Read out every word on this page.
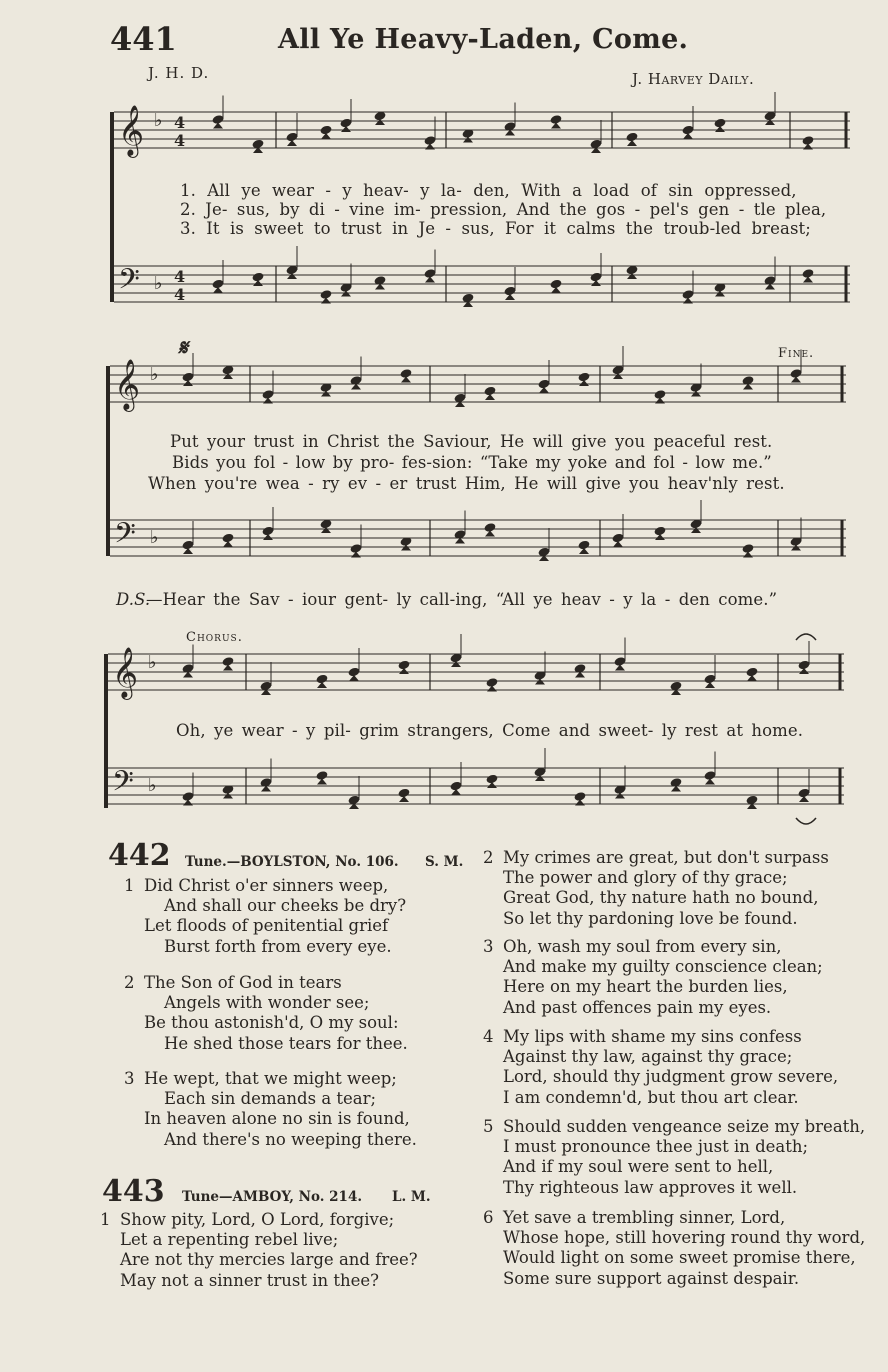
441	All Ye Heavy-Laden, Come.
J. H. D.	J. Harvey Daily.
𝄞 ♭ 4
4
𝄢 ♭ 4
4
𝄞 ♭
𝄢 ♭
𝄞 ♭
𝄢 ♭
1. All ye wear - y heav- y la- den, With a load of sin oppressed,
2. Je- sus, by di - vine im- pression, And the gos - pel's gen - tle plea,
3. It is sweet to trust in Je - sus, For it calms the troub-led breast;
𝄋	Fine.
Put your trust in Christ the Saviour, He will give you peaceful rest.
Bids you fol - low by pro- fes-sion: “Take my yoke and fol - low me.”
When you're wea - ry ev - er trust Him, He will give you heav'nly rest.
D.S.
—Hear the Sav - iour gent- ly call-ing, “All ye heav - y la - den come.”
Chorus.
Oh, ye wear - y pil- grim strangers, Come and sweet- ly rest at home.
442 Tune.—BOYLSTON, No. 106. S. M.
1 Did Christ o'er sinners weep,
And shall our cheeks be dry?
Let floods of penitential grief
Burst forth from every eye.
2 The Son of God in tears
Angels with wonder see;
Be thou astonish'd, O my soul:
He shed those tears for thee.
3 He wept, that we might weep;
Each sin demands a tear;
In heaven alone no sin is found,
And there's no weeping there.
443 Tune—AMBOY, No. 214. L. M.
1 Show pity, Lord, O Lord, forgive;
Let a repenting rebel live;
Are not thy mercies large and free?
May not a sinner trust in thee?
2 My crimes are great, but don't surpass
The power and glory of thy grace;
Great God, thy nature hath no bound,
So let thy pardoning love be found.
3 Oh, wash my soul from every sin,
And make my guilty conscience clean;
Here on my heart the burden lies,
And past offences pain my eyes.
4 My lips with shame my sins confess
Against thy law, against thy grace;
Lord, should thy judgment grow severe,
I am condemn'd, but thou art clear.
5 Should sudden vengeance seize my breath,
I must pronounce thee just in death;
And if my soul were sent to hell,
Thy righteous law approves it well.
6 Yet save a trembling sinner, Lord,
Whose hope, still hovering round thy word,
Would light on some sweet promise there,
Some sure support against despair.
